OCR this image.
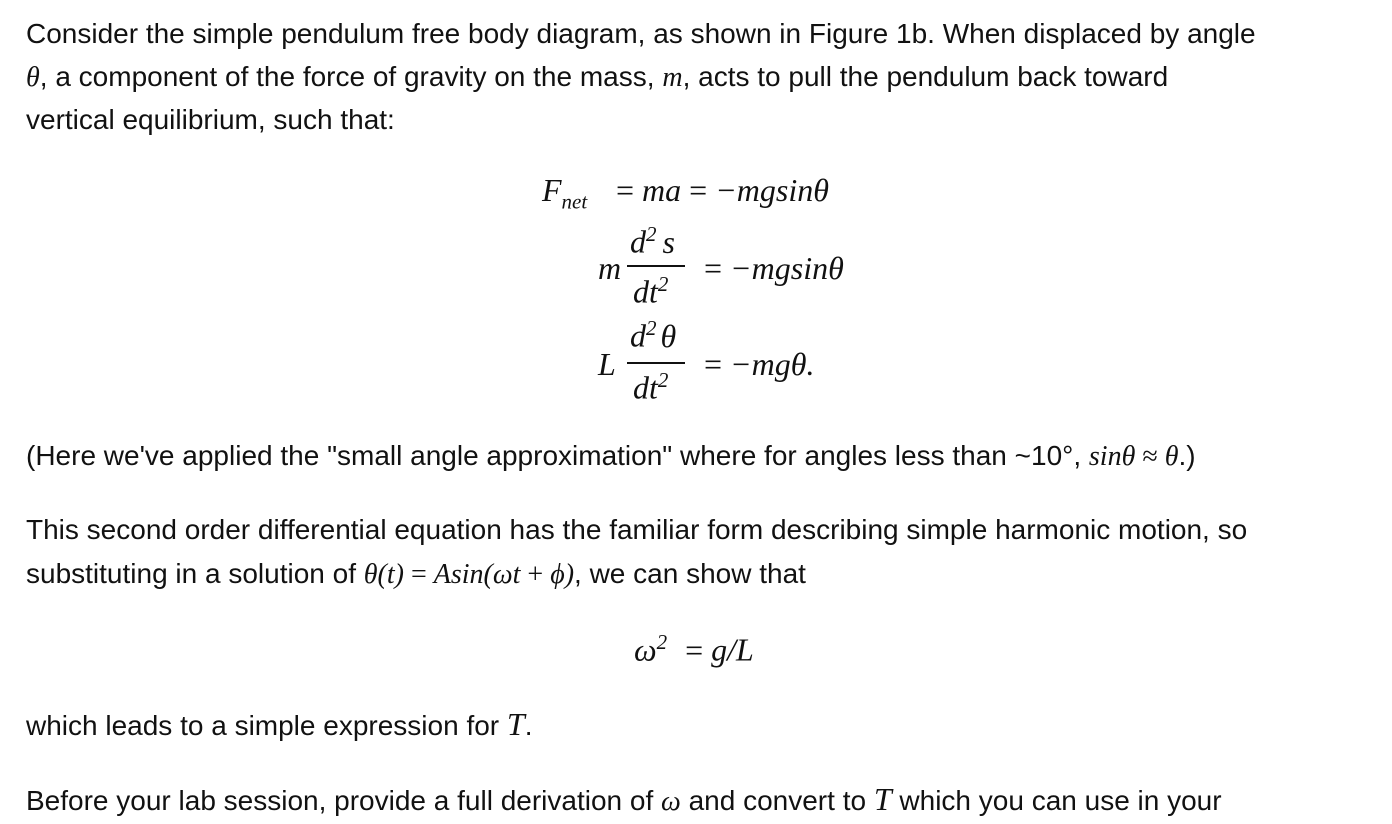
Consider the simple pendulum free body diagram, as shown in Figure 1b. When displaced by angle
θ, a component of the force of gravity on the mass, m, acts to pull the pendulum back toward
vertical equilibrium, such that:
$F_{net}$ = ma = −mgsinθ
m
$d^2$ s
$dt^2 = -mgsin\theta$
L
$d^2$ θ
$dt^2 = -mg\theta$.
(Here we've applied the "small angle approximation" where for angles less than ~10°, sinθ ≈ θ.)
This second order differential equation has the familiar form describing simple harmonic motion, so
substituting in a solution of θ(t) = Asin(ωt + ϕ), we can show that
$\omega^2 = g/L$
which leads to a simple expression for T.
Before your lab session, provide a full derivation of ω and convert to T which you can use in your
